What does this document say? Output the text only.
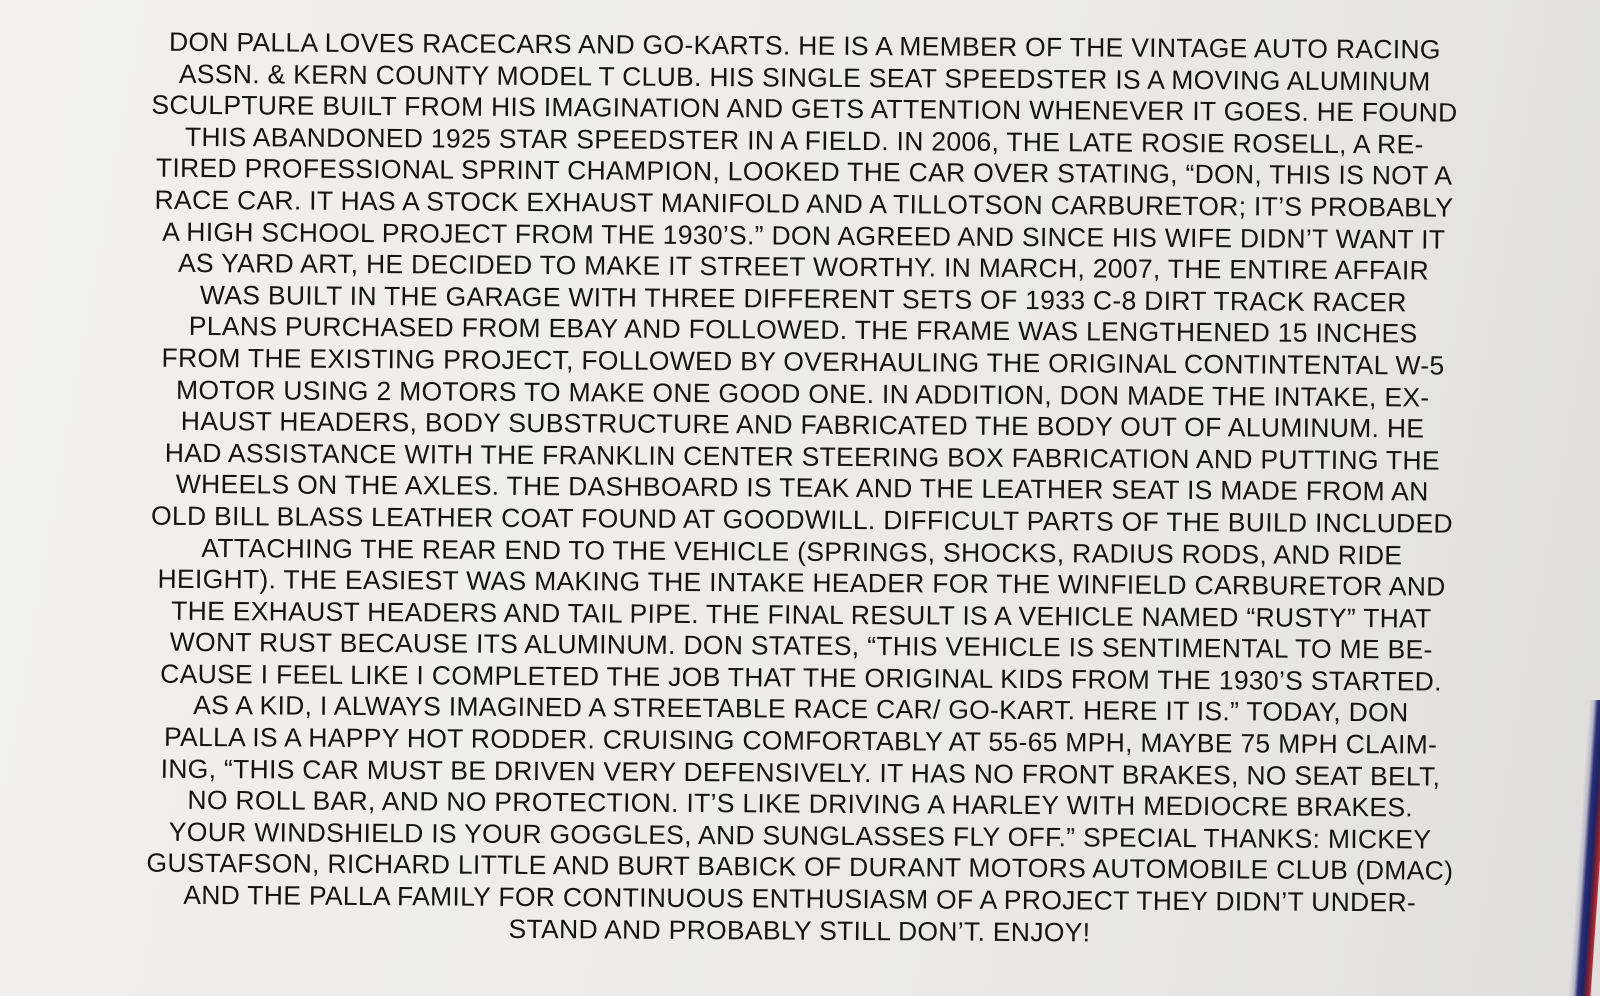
DON PALLA LOVES RACECARS AND GO-KARTS. HE IS A MEMBER OF THE VINTAGE AUTO RACING
ASSN. & KERN COUNTY MODEL T CLUB. HIS SINGLE SEAT SPEEDSTER IS A MOVING ALUMINUM
SCULPTURE BUILT FROM HIS IMAGINATION AND GETS ATTENTION WHENEVER IT GOES. HE FOUND
THIS ABANDONED 1925 STAR SPEEDSTER IN A FIELD. IN 2006, THE LATE ROSIE ROSELL, A RE-
TIRED PROFESSIONAL SPRINT CHAMPION, LOOKED THE CAR OVER STATING, “DON, THIS IS NOT A
RACE CAR. IT HAS A STOCK EXHAUST MANIFOLD AND A TILLOTSON CARBURETOR; IT’S PROBABLY
A HIGH SCHOOL PROJECT FROM THE 1930’S.” DON AGREED AND SINCE HIS WIFE DIDN’T WANT IT
AS YARD ART, HE DECIDED TO MAKE IT STREET WORTHY. IN MARCH, 2007, THE ENTIRE AFFAIR
WAS BUILT IN THE GARAGE WITH THREE DIFFERENT SETS OF 1933 C-8 DIRT TRACK RACER
PLANS PURCHASED FROM EBAY AND FOLLOWED. THE FRAME WAS LENGTHENED 15 INCHES
FROM THE EXISTING PROJECT, FOLLOWED BY OVERHAULING THE ORIGINAL CONTINTENTAL W-5
MOTOR USING 2 MOTORS TO MAKE ONE GOOD ONE. IN ADDITION, DON MADE THE INTAKE, EX-
HAUST HEADERS, BODY SUBSTRUCTURE AND FABRICATED THE BODY OUT OF ALUMINUM. HE
HAD ASSISTANCE WITH THE FRANKLIN CENTER STEERING BOX FABRICATION AND PUTTING THE
WHEELS ON THE AXLES. THE DASHBOARD IS TEAK AND THE LEATHER SEAT IS MADE FROM AN
OLD BILL BLASS LEATHER COAT FOUND AT GOODWILL. DIFFICULT PARTS OF THE BUILD INCLUDED
ATTACHING THE REAR END TO THE VEHICLE (SPRINGS, SHOCKS, RADIUS RODS, AND RIDE
HEIGHT). THE EASIEST WAS MAKING THE INTAKE HEADER FOR THE WINFIELD CARBURETOR AND
THE EXHAUST HEADERS AND TAIL PIPE. THE FINAL RESULT IS A VEHICLE NAMED “RUSTY” THAT
WONT RUST BECAUSE ITS ALUMINUM. DON STATES, “THIS VEHICLE IS SENTIMENTAL TO ME BE-
CAUSE I FEEL LIKE I COMPLETED THE JOB THAT THE ORIGINAL KIDS FROM THE 1930’S STARTED.
AS A KID, I ALWAYS IMAGINED A STREETABLE RACE CAR/ GO-KART. HERE IT IS.” TODAY, DON
PALLA IS A HAPPY HOT RODDER. CRUISING COMFORTABLY AT 55-65 MPH, MAYBE 75 MPH CLAIM-
ING, “THIS CAR MUST BE DRIVEN VERY DEFENSIVELY. IT HAS NO FRONT BRAKES, NO SEAT BELT,
NO ROLL BAR, AND NO PROTECTION. IT’S LIKE DRIVING A HARLEY WITH MEDIOCRE BRAKES.
YOUR WINDSHIELD IS YOUR GOGGLES, AND SUNGLASSES FLY OFF.” SPECIAL THANKS: MICKEY
GUSTAFSON, RICHARD LITTLE AND BURT BABICK OF DURANT MOTORS AUTOMOBILE CLUB (DMAC)
AND THE PALLA FAMILY FOR CONTINUOUS ENTHUSIASM OF A PROJECT THEY DIDN’T UNDER-
STAND AND PROBABLY STILL DON’T. ENJOY!
